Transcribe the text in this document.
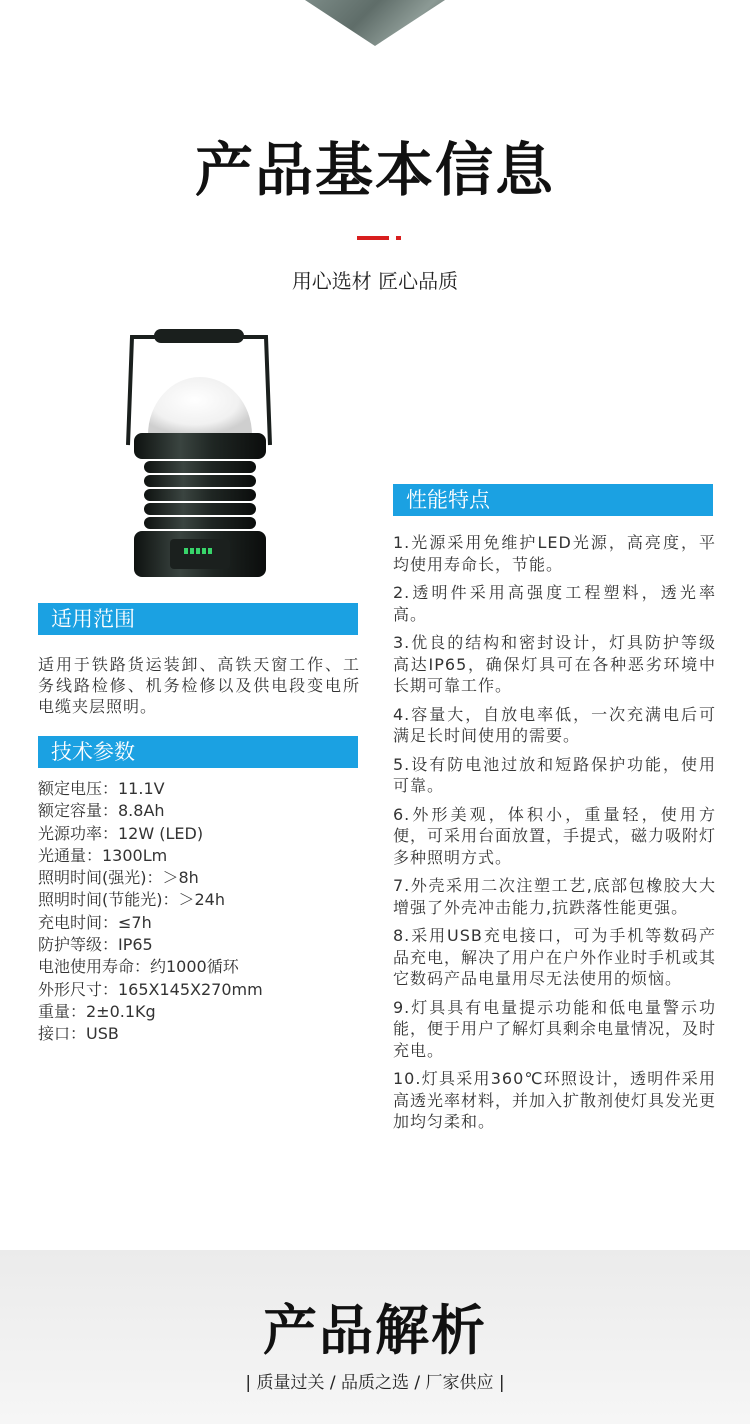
产品基本信息
用心选材 匠心品质
性能特点
1.光源采用免维护LED光源，高亮度，平均使用寿命长，节能。
2.透明件采用高强度工程塑料，透光率高。
3.优良的结构和密封设计，灯具防护等级高达IP65，确保灯具可在各种恶劣环境中长期可靠工作。
4.容量大，自放电率低，一次充满电后可满足长时间使用的需要。
5.设有防电池过放和短路保护功能，使用可靠。
6.外形美观，体积小，重量轻，使用方便，可采用台面放置，手提式，磁力吸附灯多种照明方式。
7.外壳采用二次注塑工艺,底部包橡胶大大增强了外壳冲击能力,抗跌落性能更强。
8.采用USB充电接口，可为手机等数码产品充电，解决了用户在户外作业时手机或其它数码产品电量用尽无法使用的烦恼。
9.灯具具有电量提示功能和低电量警示功能，便于用户了解灯具剩余电量情况，及时充电。
10.灯具采用360℃环照设计，透明件采用高透光率材料，并加入扩散剂使灯具发光更加均匀柔和。
适用范围
适用于铁路货运装卸、高铁天窗工作、工务线路检修、机务检修以及供电段变电所电缆夹层照明。
技术参数
额定电压：11.1V
额定容量：8.8Ah
光源功率：12W (LED)
光通量：1300Lm
照明时间(强光)：＞8h
照明时间(节能光)：＞24h
充电时间：≤7h
防护等级：IP65
电池使用寿命：约1000循环
外形尺寸：165X145X270mm
重量：2±0.1Kg
接口：USB
产品解析
| 质量过关 / 品质之选 / 厂家供应 |
